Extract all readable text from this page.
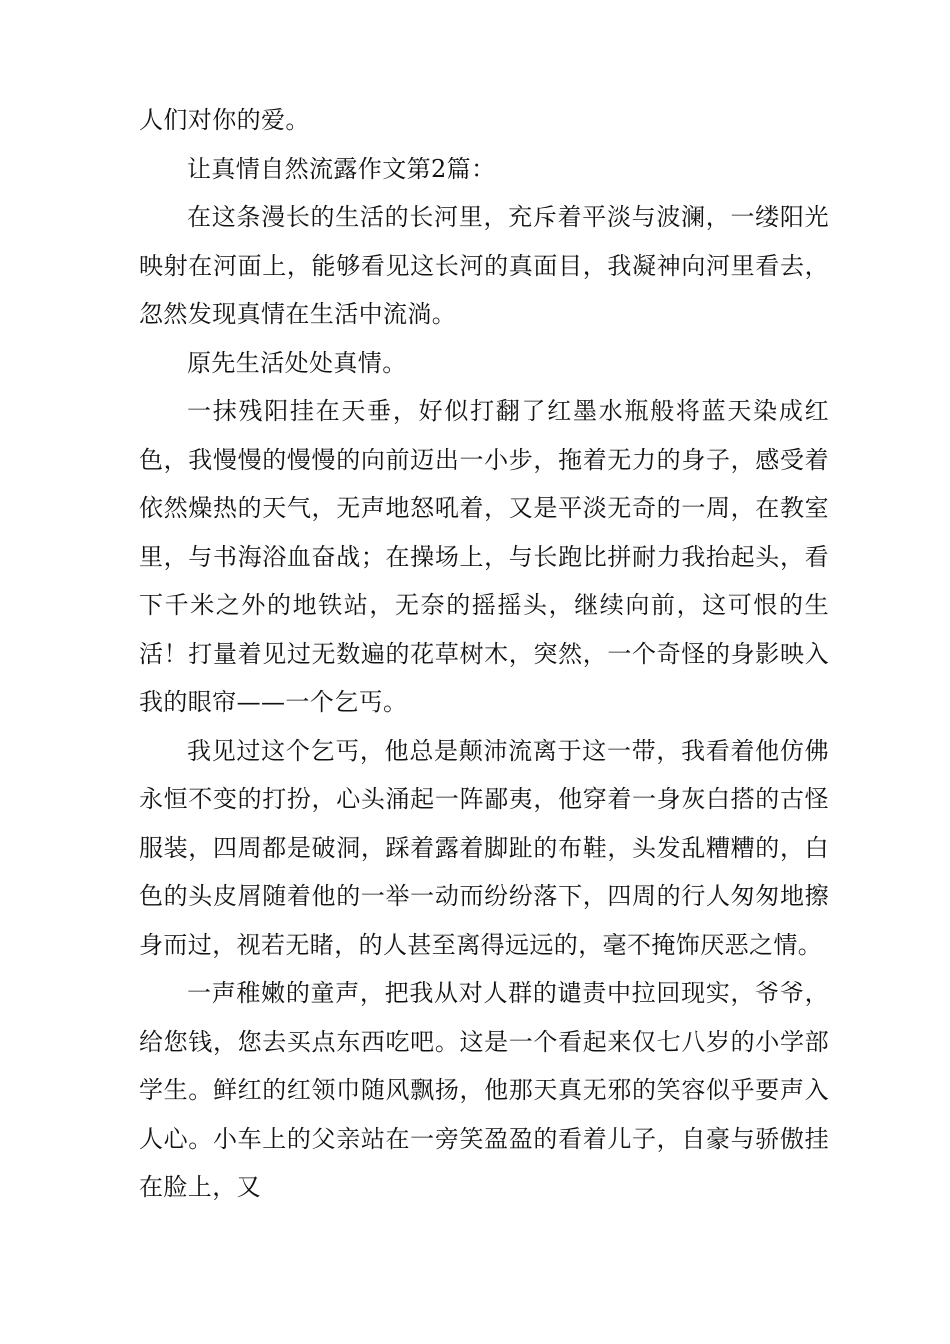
人们对你的爱。

让真情自然流露作文第2篇：

在这条漫长的生活的长河里，充斥着平淡与波澜，一缕阳光映射在河面上，能够看见这长河的真面目，我凝神向河里看去，忽然发现真情在生活中流淌。

原先生活处处真情。

一抹残阳挂在天垂，好似打翻了红墨水瓶般将蓝天染成红色，我慢慢的慢慢的向前迈出一小步，拖着无力的身子，感受着依然燥热的天气，无声地怒吼着，又是平淡无奇的一周，在教室里，与书海浴血奋战；在操场上，与长跑比拼耐力我抬起头，看下千米之外的地铁站，无奈的摇摇头，继续向前，这可恨的生活！打量着见过无数遍的花草树木，突然，一个奇怪的身影映入我的眼帘——一个乞丐。

我见过这个乞丐，他总是颠沛流离于这一带，我看着他仿佛永恒不变的打扮，心头涌起一阵鄙夷，他穿着一身灰白搭的古怪服装，四周都是破洞，踩着露着脚趾的布鞋，头发乱糟糟的，白色的头皮屑随着他的一举一动而纷纷落下，四周的行人匆匆地擦身而过，视若无睹，的人甚至离得远远的，毫不掩饰厌恶之情。

一声稚嫩的童声，把我从对人群的谴责中拉回现实，爷爷，给您钱，您去买点东西吃吧。这是一个看起来仅七八岁的小学部学生。鲜红的红领巾随风飘扬，他那天真无邪的笑容似乎要声入人心。小车上的父亲站在一旁笑盈盈的看着儿子，自豪与骄傲挂在脸上，又
